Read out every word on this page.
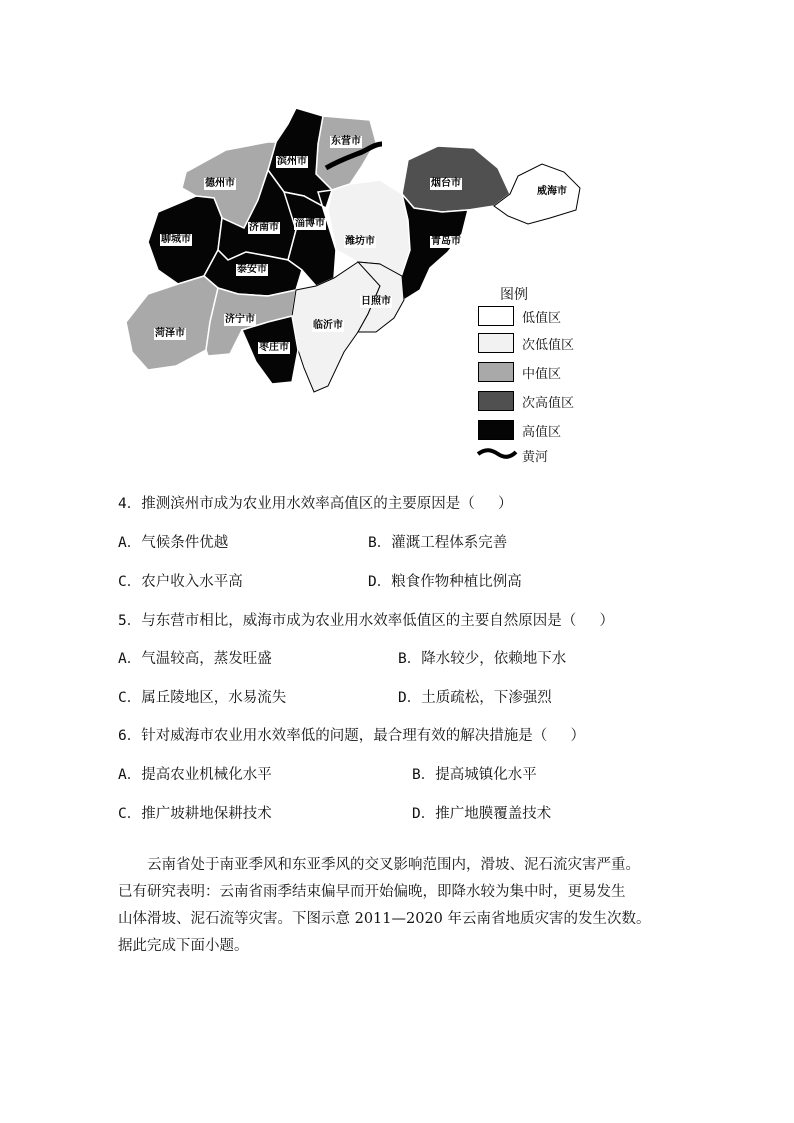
东营市
滨州市
德州市	烟台市
威海市
聊城市
济南市 淄博市
潍坊市	青岛市
泰安市
日照市
菏泽市
济宁市
临沂市
枣庄市
图例
低值区
次低值区
中值区
次高值区
高值区
黄河
4．推测滨州市成为农业用水效率高值区的主要原因是（　 ）
A．气候条件优越	B．灌溉工程体系完善
C．农户收入水平高	D．粮食作物种植比例高
5．与东营市相比，威海市成为农业用水效率低值区的主要自然原因是（　 ）
A．气温较高，蒸发旺盛	B．降水较少，依赖地下水
C．属丘陵地区，水易流失	D．土质疏松，下渗强烈
6．针对威海市农业用水效率低的问题，最合理有效的解决措施是（　 ）
A．提高农业机械化水平	B．提高城镇化水平
C．推广坡耕地保耕技术	D．推广地膜覆盖技术

　　云南省处于南亚季风和东亚季风的交叉影响范围内，滑坡、泥石流灾害严重。

已有研究表明：云南省雨季结束偏早而开始偏晚，即降水较为集中时，更易发生

山体滑坡、泥石流等灾害。下图示意 2011—2020 年云南省地质灾害的发生次数。

据此完成下面小题。
